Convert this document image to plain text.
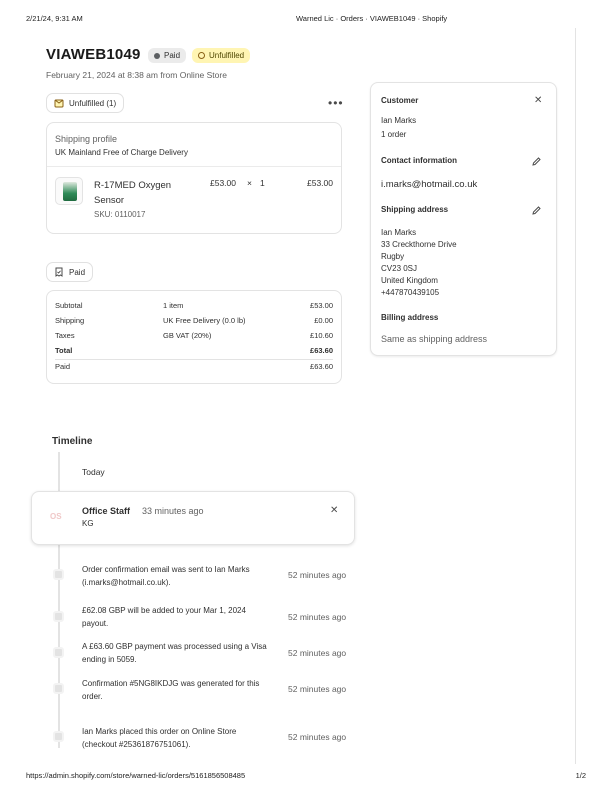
2/21/24, 9:31 AM	Warned Lic · Orders · VIAWEB1049 · Shopify
VIAWEB1049	Paid	Unfulfilled
February 21, 2024 at 8:38 am from Online Store
Unfulfilled (1)	•••
Shipping profile
UK Mainland Free of Charge Delivery
R-17MED Oxygen Sensor
SKU: 0110017
£53.00 × 1	£53.00
Paid
Subtotal	1 item	£53.00
Shipping	UK Free Delivery (0.0 lb)	£0.00
Taxes	GB VAT (20%)	£10.60
Total	£63.60
Paid	£63.60
Customer	✕
Ian Marks
1 order
Contact information
i.marks@hotmail.co.uk
Shipping address
Ian Marks
33 Creckthorne Drive
Rugby
CV23 0SJ
United Kingdom
+447870439105
Billing address
Same as shipping address
Timeline
Today
OS
Office Staff 33 minutes ago
KG
✕
Order confirmation email was sent to Ian Marks (i.marks@hotmail.co.uk).
52 minutes ago
£62.08 GBP will be added to your Mar 1, 2024 payout.
52 minutes ago
A £63.60 GBP payment was processed using a Visa ending in 5059.
52 minutes ago
Confirmation #5NG8IKDJG was generated for this order.
52 minutes ago
Ian Marks placed this order on Online Store (checkout #25361876751061).
52 minutes ago
https://admin.shopify.com/store/warned-lic/orders/5161856508485	1/2
